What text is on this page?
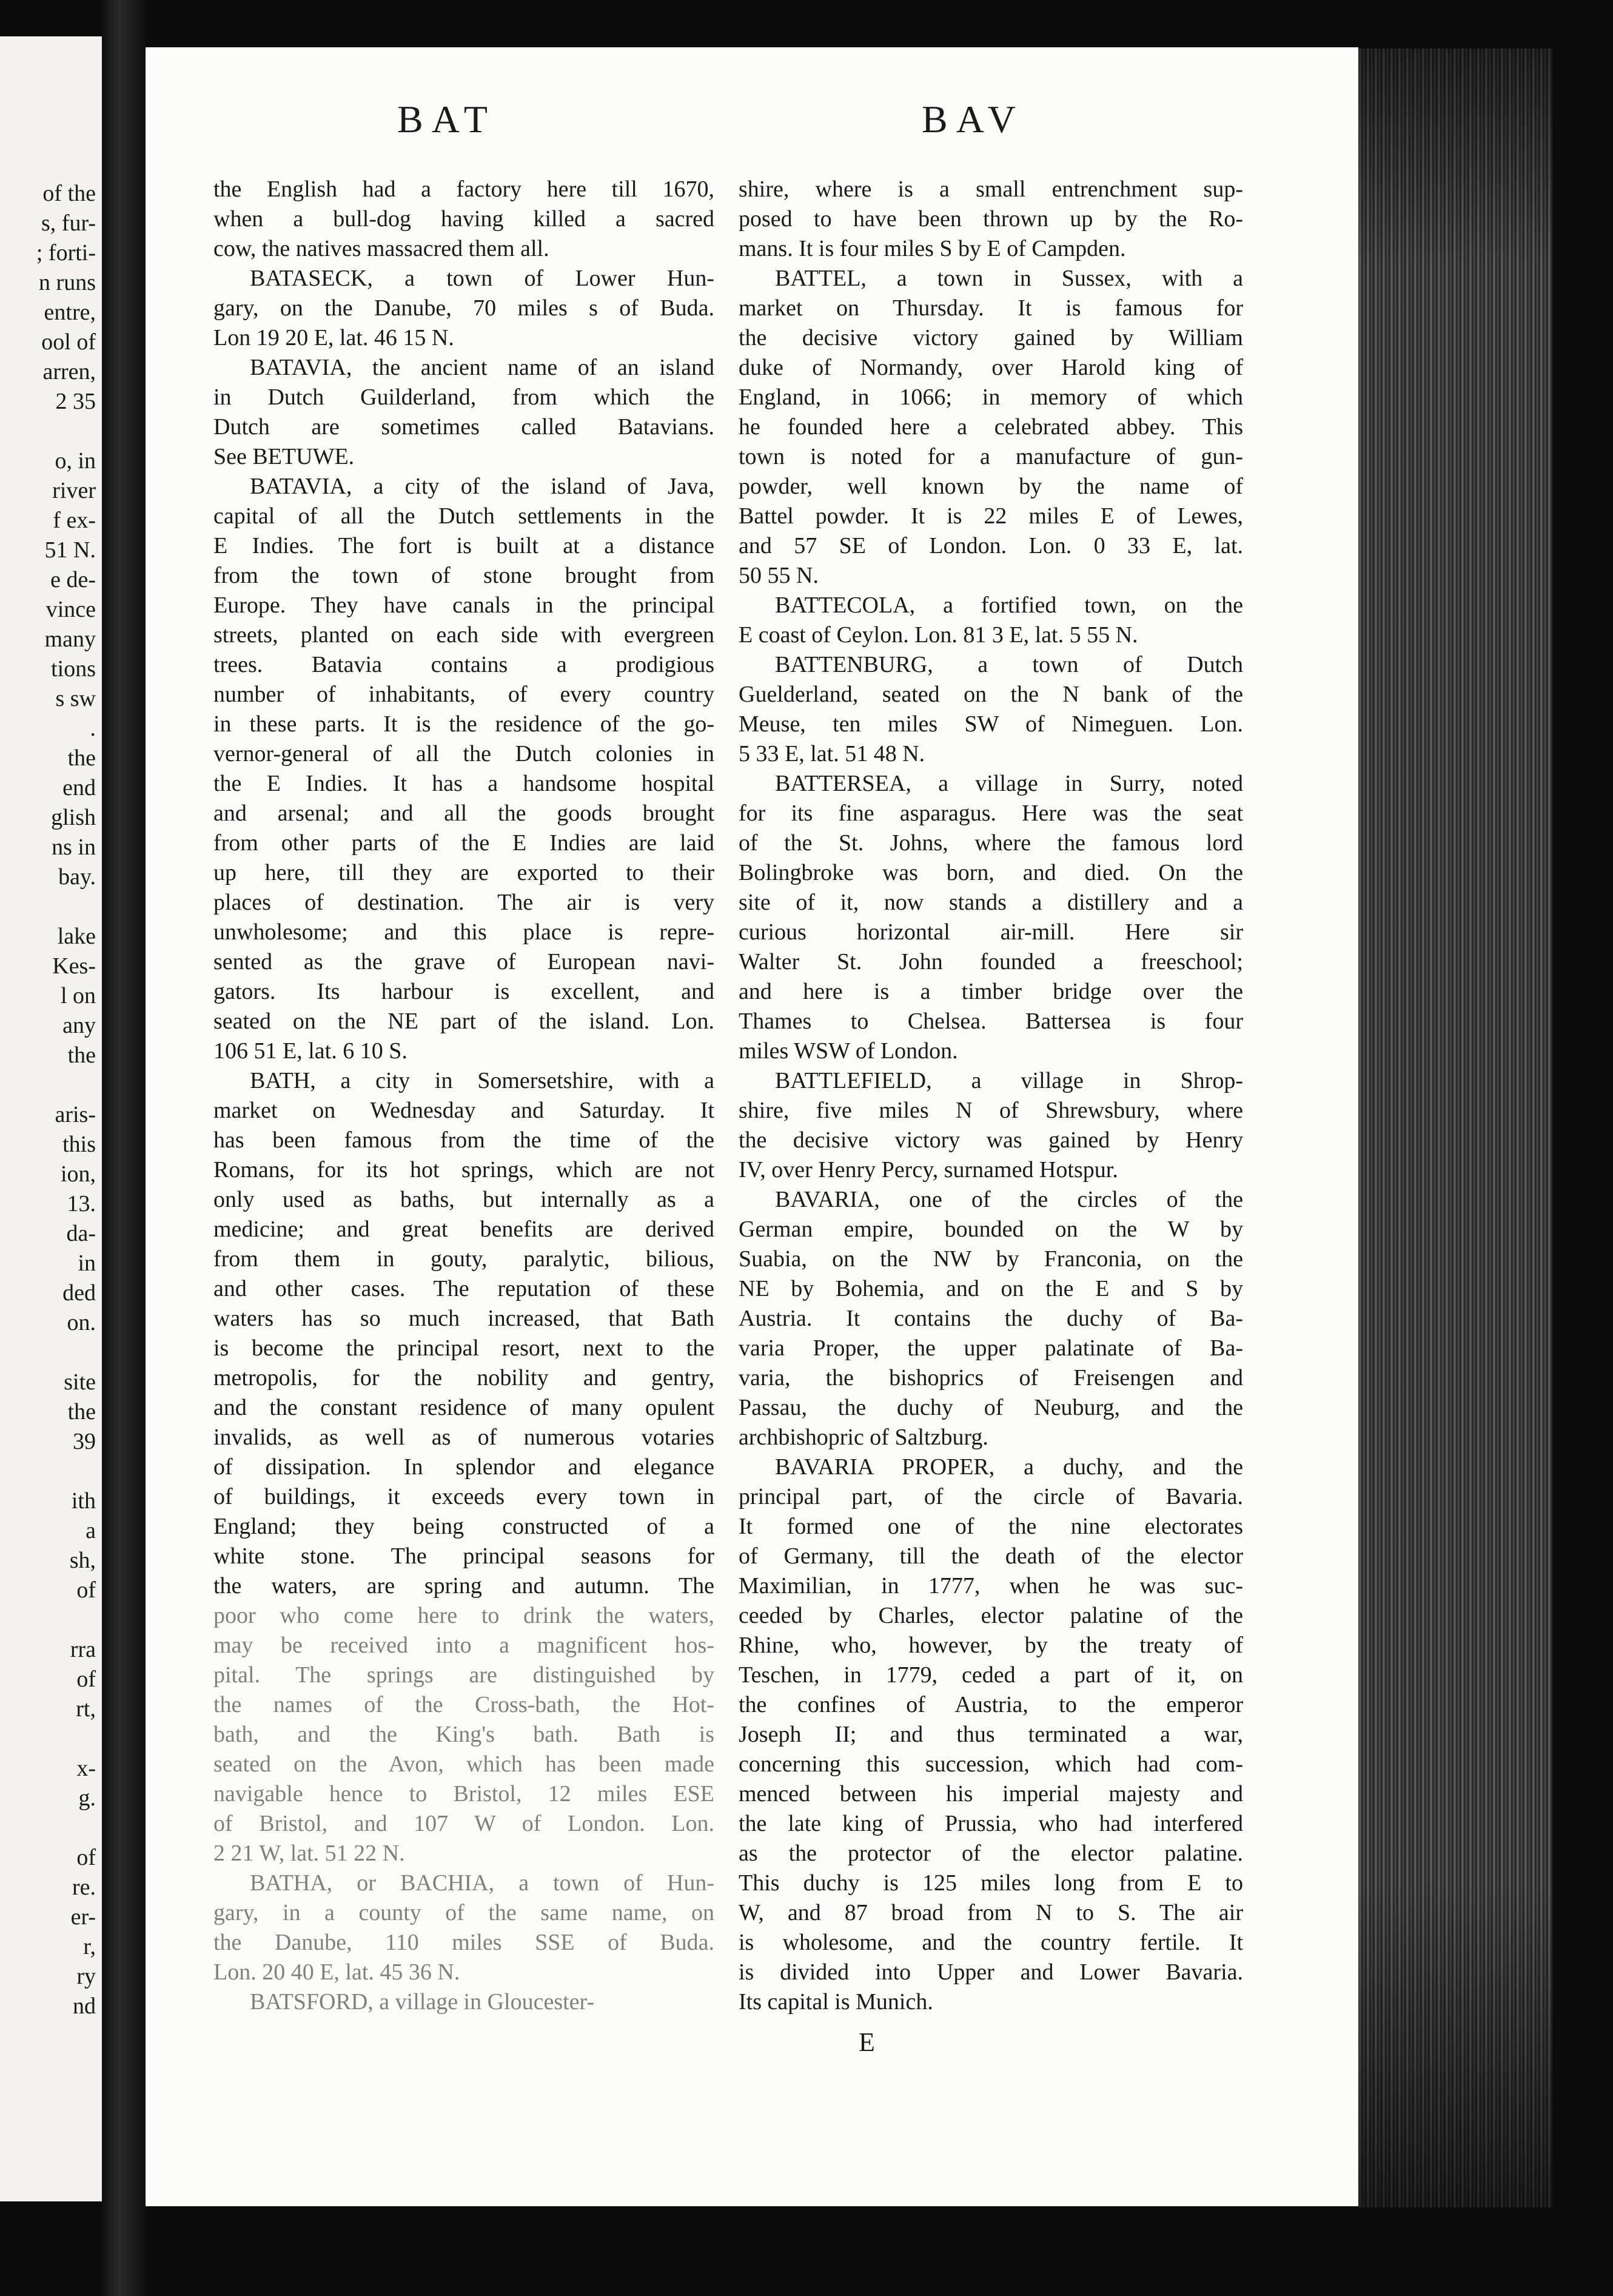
of the
s, fur-
; forti-
n runs
entre,
ool of
arren,
2 35
o, in
river
f ex-
51 N.
e de-
vince
many
tions
s sw
.
the
end
glish
ns in
bay.
lake
Kes-
l on
any
the
aris-
this
ion,
13.
da-
in
ded
on.
site
the
39
ith
a
sh,
of
rra
of
rt,
x-
g.
of
re.
er-
r,
ry
nd
BAT	BAV
the English had a factory here till 1670,
when a bull-dog having killed a sacred
cow, the natives massacred them all.
BATASECK, a town of Lower Hun-
gary, on the Danube, 70 miles s of Buda.
Lon 19 20 E, lat. 46 15 N.
BATAVIA, the ancient name of an island
in Dutch Guilderland, from which the
Dutch are sometimes called Batavians.
See BETUWE.
BATAVIA, a city of the island of Java,
capital of all the Dutch settlements in the
E Indies. The fort is built at a distance
from the town of stone brought from
Europe. They have canals in the principal
streets, planted on each side with evergreen
trees. Batavia contains a prodigious
number of inhabitants, of every country
in these parts. It is the residence of the go-
vernor-general of all the Dutch colonies in
the E Indies. It has a handsome hospital
and arsenal; and all the goods brought
from other parts of the E Indies are laid
up here, till they are exported to their
places of destination. The air is very
unwholesome; and this place is repre-
sented as the grave of European navi-
gators. Its harbour is excellent, and
seated on the NE part of the island. Lon.
106 51 E, lat. 6 10 S.
BATH, a city in Somersetshire, with a
market on Wednesday and Saturday. It
has been famous from the time of the
Romans, for its hot springs, which are not
only used as baths, but internally as a
medicine; and great benefits are derived
from them in gouty, paralytic, bilious,
and other cases. The reputation of these
waters has so much increased, that Bath
is become the principal resort, next to the
metropolis, for the nobility and gentry,
and the constant residence of many opulent
invalids, as well as of numerous votaries
of dissipation. In splendor and elegance
of buildings, it exceeds every town in
England; they being constructed of a
white stone. The principal seasons for
the waters, are spring and autumn. The
poor who come here to drink the waters,
may be received into a magnificent hos-
pital. The springs are distinguished by
the names of the Cross-bath, the Hot-
bath, and the King's bath. Bath is
seated on the Avon, which has been made
navigable hence to Bristol, 12 miles ESE
of Bristol, and 107 W of London. Lon.
2 21 W, lat. 51 22 N.
BATHA, or BACHIA, a town of Hun-
gary, in a county of the same name, on
the Danube, 110 miles SSE of Buda.
Lon. 20 40 E, lat. 45 36 N.
BATSFORD, a village in Gloucester-
shire, where is a small entrenchment sup-
posed to have been thrown up by the Ro-
mans. It is four miles S by E of Campden.
BATTEL, a town in Sussex, with a
market on Thursday. It is famous for
the decisive victory gained by William
duke of Normandy, over Harold king of
England, in 1066; in memory of which
he founded here a celebrated abbey. This
town is noted for a manufacture of gun-
powder, well known by the name of
Battel powder. It is 22 miles E of Lewes,
and 57 SE of London. Lon. 0 33 E, lat.
50 55 N.
BATTECOLA, a fortified town, on the
E coast of Ceylon. Lon. 81 3 E, lat. 5 55 N.
BATTENBURG, a town of Dutch
Guelderland, seated on the N bank of the
Meuse, ten miles SW of Nimeguen. Lon.
5 33 E, lat. 51 48 N.
BATTERSEA, a village in Surry, noted
for its fine asparagus. Here was the seat
of the St. Johns, where the famous lord
Bolingbroke was born, and died. On the
site of it, now stands a distillery and a
curious horizontal air-mill. Here sir
Walter St. John founded a freeschool;
and here is a timber bridge over the
Thames to Chelsea. Battersea is four
miles WSW of London.
BATTLEFIELD, a village in Shrop-
shire, five miles N of Shrewsbury, where
the decisive victory was gained by Henry
IV, over Henry Percy, surnamed Hotspur.
BAVARIA, one of the circles of the
German empire, bounded on the W by
Suabia, on the NW by Franconia, on the
NE by Bohemia, and on the E and S by
Austria. It contains the duchy of Ba-
varia Proper, the upper palatinate of Ba-
varia, the bishoprics of Freisengen and
Passau, the duchy of Neuburg, and the
archbishopric of Saltzburg.
BAVARIA PROPER, a duchy, and the
principal part, of the circle of Bavaria.
It formed one of the nine electorates
of Germany, till the death of the elector
Maximilian, in 1777, when he was suc-
ceeded by Charles, elector palatine of the
Rhine, who, however, by the treaty of
Teschen, in 1779, ceded a part of it, on
the confines of Austria, to the emperor
Joseph II; and thus terminated a war,
concerning this succession, which had com-
menced between his imperial majesty and
the late king of Prussia, who had interfered
as the protector of the elector palatine.
This duchy is 125 miles long from E to
W, and 87 broad from N to S. The air
is wholesome, and the country fertile. It
is divided into Upper and Lower Bavaria.
Its capital is Munich.
E
